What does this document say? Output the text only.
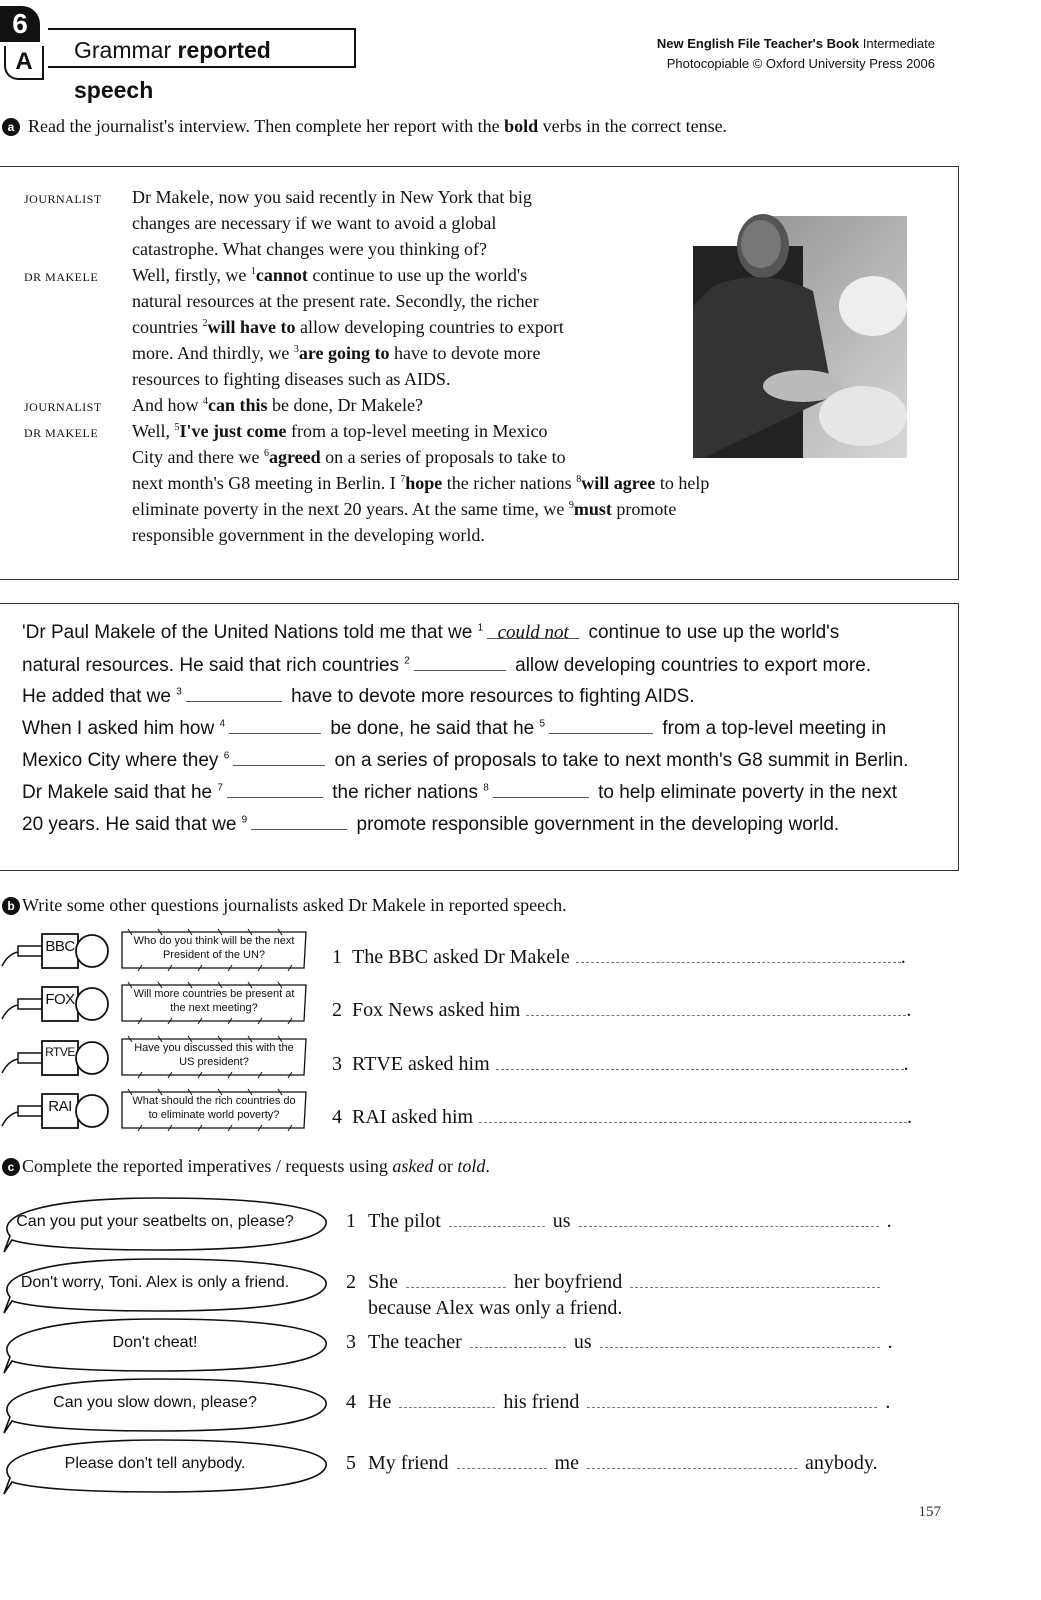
6
A	Grammar reported speech
New English File Teacher's Book Intermediate
Photocopiable © Oxford University Press 2006
a Read the journalist's interview. Then complete her report with the bold verbs in the correct tense.
JOURNALIST Dr Makele, now you said recently in New York that big
changes are necessary if we want to avoid a global
catastrophe. What changes were you thinking of?
DR MAKELE Well, firstly, we $^1$cannot continue to use up the world's
natural resources at the present rate. Secondly, the richer
countries $^2$will have to allow developing countries to export
more. And thirdly, we $^3$are going to have to devote more
resources to fighting diseases such as AIDS.
JOURNALIST And how $^4$can this be done, Dr Makele?
DR MAKELE Well, $^5$I've just come from a top-level meeting in Mexico
City and there we $^6$agreed on a series of proposals to take to
next month's G8 meeting in Berlin. I $^7$hope the richer nations $^8$will agree to help
eliminate poverty in the next 20 years. At the same time, we $^9$must promote
responsible government in the developing world.
'Dr Paul Makele of the United Nations told me that we $^1$ could not continue to use up the world's
natural resources. He said that rich countries $^2$	allow developing countries to export more.
He added that we $^3$	have to devote more resources to fighting AIDS.
When I asked him how $^4$	be done, he said that he $^5$	from a top-level meeting in
Mexico City where they $^6$	on a series of proposals to take to next month's G8 summit in Berlin.
Dr Makele said that he $^7$	the richer nations $^8$	to help eliminate poverty in the next
20 years. He said that we $^9$	promote responsible government in the developing world.
b Write some other questions journalists asked Dr Makele in reported speech.
BBC	Who do you think will be the next President of the UN?	1 The BBC asked Dr Makele	.
FOX	Will more countries be present at the next meeting?	2 Fox News asked him	.
RTVE	Have you discussed this with the US president?	3 RTVE asked him	.
RAI	What should the rich countries do to eliminate world poverty?	4 RAI asked him	.
c Complete the reported imperatives / requests using asked or told.
Can you put your seatbelts on, please?	1 The pilot	us	.
Don't worry, Toni. Alex is only a friend.	2 She	her boyfriend
because Alex was only a friend.
Don't cheat!	3 The teacher	us	.
Can you slow down, please?	4 He	his friend	.
Please don't tell anybody.	5 My friend	me	anybody.
157
